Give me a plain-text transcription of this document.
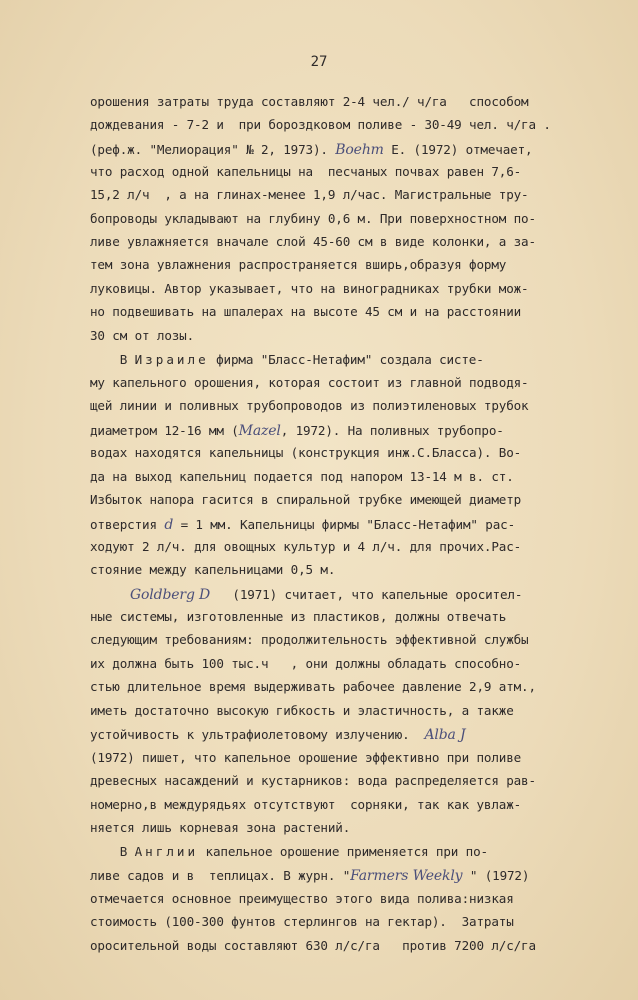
27
орошения затраты труда составляют 2-4 чел./ ч/га   способом
дождевания - 7-2 и  при бороздковом поливе - 30-49 чел. ч/га .
(реф.ж. "Мелиорация" № 2, 1973). Boehm E. (1972) отмечает,
что расход одной капельницы на  песчаных почвах равен 7,6-
15,2 л/ч  , а на глинах-менее 1,9 л/час. Магистральные тру-
бопроводы укладывают на глубину 0,6 м. При поверхностном по-
ливе увлажняется вначале слой 45-60 см в виде колонки, а за-
тем зона увлажнения распространяется вширь,образуя форму
луковицы. Автор указывает, что на виноградниках трубки мож-
но подвешивать на шпалерах на высоте 45 см и на расстоянии
30 см от лозы.
В Израиле фирма "Бласс-Нетафим" создала систе-
му капельного орошения, которая состоит из главной подводя-
щей линии и поливных трубопроводов из полиэтиленовых трубок
диаметром 12-16 мм (Mazel, 1972). На поливных трубопро-
водах находятся капельницы (конструкция инж.С.Бласса). Во-
да на выход капельниц подается под напором 13-14 м в. ст.
Избыток напора гасится в спиральной трубке имеющей диаметр
отверстия d = 1 мм. Капельницы фирмы "Бласс-Нетафим" рас-
ходуют 2 л/ч. для овощных культур и 4 л/ч. для прочих.Рас-
стояние между капельницами 0,5 м.
Goldberg D   (1971) считает, что капельные оросител-
ные системы, изготовленные из пластиков, должны отвечать
следующим требованиям: продолжительность эффективной службы
их должна быть 100 тыс.ч   , они должны обладать способно-
стью длительное время выдерживать рабочее давление 2,9 атм.,
иметь достаточно высокую гибкость и эластичность, а также
устойчивость к ультрафиолетовому излучению.  Alba J
(1972) пишет, что капельное орошение эффективно при поливе
древесных насаждений и кустарников: вода распределяется рав-
номерно,в междурядьях отсутствуют  сорняки, так как увлаж-
няется лишь корневая зона растений.
В Англии капельное орошение применяется при по-
ливе садов и в  теплицах. В журн. "Farmers Weekly " (1972)
отмечается основное преимущество этого вида полива:низкая
стоимость (100-300 фунтов стерлингов на гектар).  Затраты
оросительной воды составляют 630 л/с/га   против 7200 л/с/га
